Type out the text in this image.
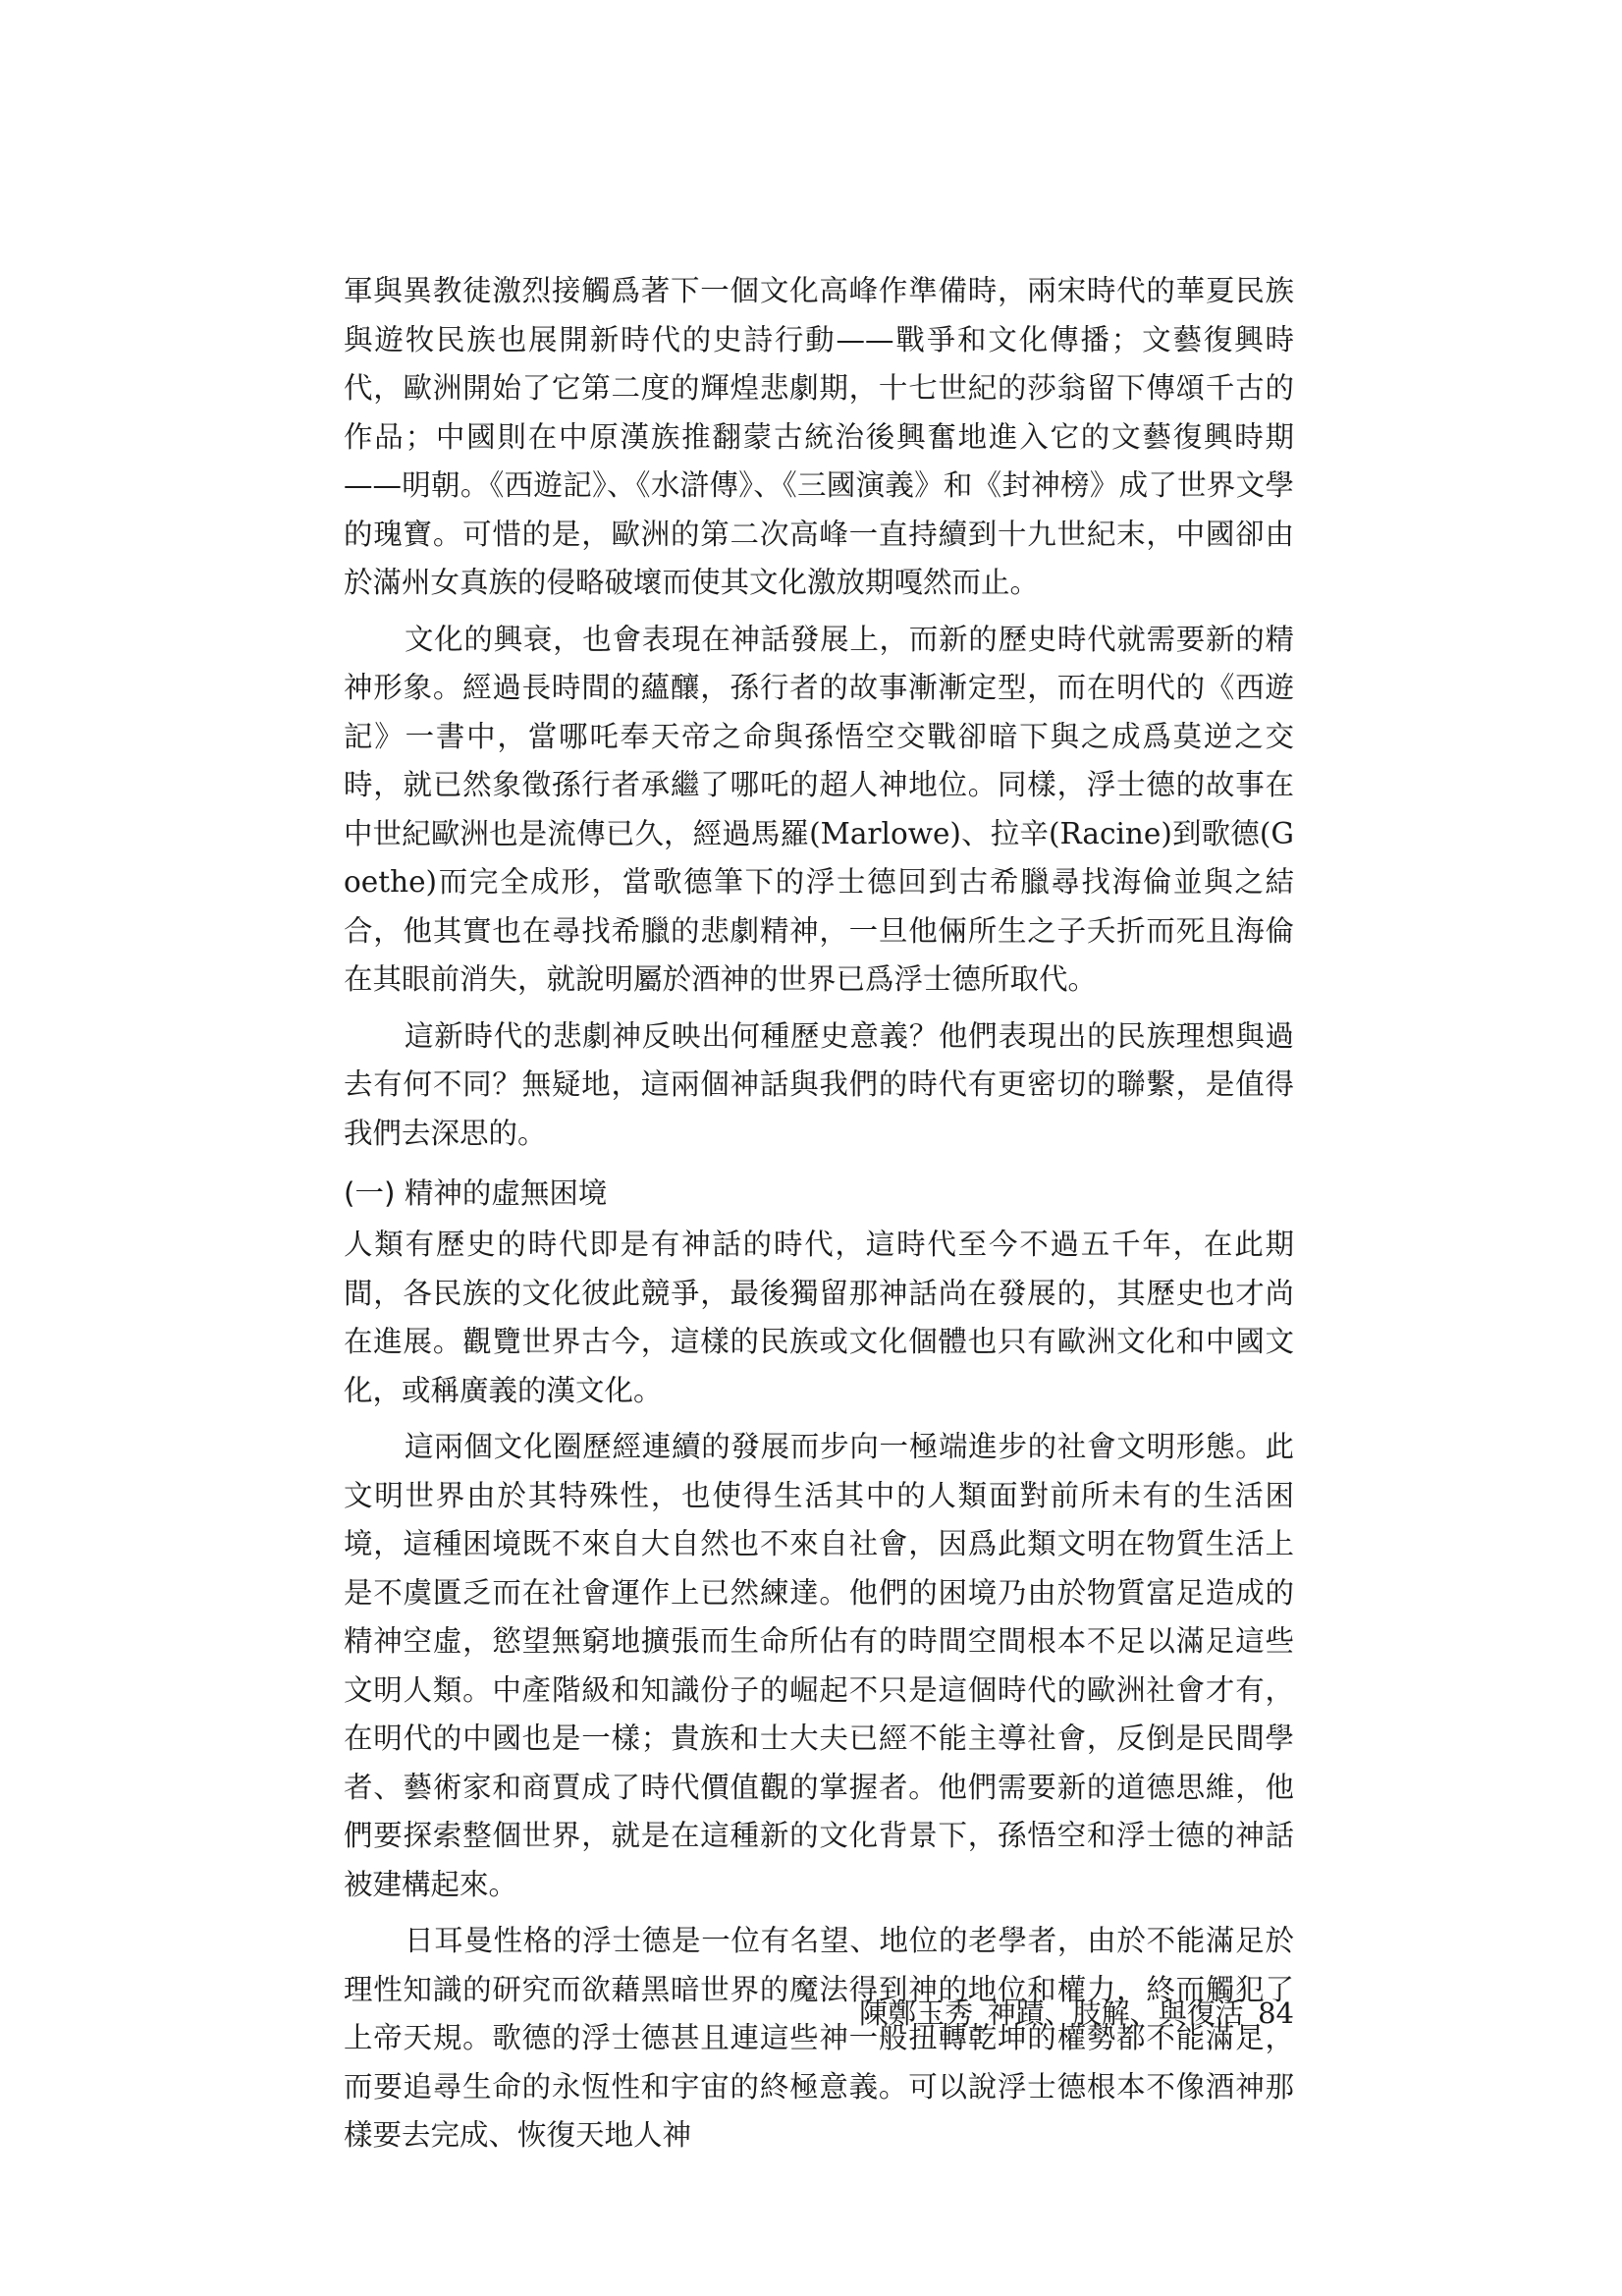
軍與異教徒激烈接觸爲著下一個文化高峰作準備時，兩宋時代的華夏民族與遊牧民族也展開新時代的史詩行動——戰爭和文化傳播；文藝復興時代，歐洲開始了它第二度的輝煌悲劇期，十七世紀的莎翁留下傳頌千古的作品；中國則在中原漢族推翻蒙古統治後興奮地進入它的文藝復興時期——明朝。《西遊記》、《水滸傳》、《三國演義》和《封神榜》成了世界文學的瑰寶。可惜的是，歐洲的第二次高峰一直持續到十九世紀末，中國卻由於滿州女真族的侵略破壞而使其文化激放期嘎然而止。

文化的興衰，也會表現在神話發展上，而新的歷史時代就需要新的精神形象。經過長時間的蘊釀，孫行者的故事漸漸定型，而在明代的《西遊記》一書中，當哪吒奉天帝之命與孫悟空交戰卻暗下與之成爲莫逆之交時，就已然象徵孫行者承繼了哪吒的超人神地位。同樣，浮士德的故事在中世紀歐洲也是流傳已久，經過馬羅(Marlowe)、拉辛(Racine)到歌德(Goethe)而完全成形，當歌德筆下的浮士德回到古希臘尋找海倫並與之結合，他其實也在尋找希臘的悲劇精神，一旦他倆所生之子夭折而死且海倫在其眼前消失，就說明屬於酒神的世界已爲浮士德所取代。

這新時代的悲劇神反映出何種歷史意義？他們表現出的民族理想與過去有何不同？無疑地，這兩個神話與我們的時代有更密切的聯繫，是值得我們去深思的。

(一) 精神的虛無困境

人類有歷史的時代即是有神話的時代，這時代至今不過五千年，在此期間，各民族的文化彼此競爭，最後獨留那神話尚在發展的，其歷史也才尚在進展。觀覽世界古今，這樣的民族或文化個體也只有歐洲文化和中國文化，或稱廣義的漢文化。

這兩個文化圈歷經連續的發展而步向一極端進步的社會文明形態。此文明世界由於其特殊性，也使得生活其中的人類面對前所未有的生活困境，這種困境既不來自大自然也不來自社會，因爲此類文明在物質生活上是不虞匱乏而在社會運作上已然練達。他們的困境乃由於物質富足造成的精神空虛，慾望無窮地擴張而生命所佔有的時間空間根本不足以滿足這些文明人類。中產階級和知識份子的崛起不只是這個時代的歐洲社會才有，在明代的中國也是一樣；貴族和士大夫已經不能主導社會，反倒是民間學者、藝術家和商賈成了時代價值觀的掌握者。他們需要新的道德思維，他們要探索整個世界，就是在這種新的文化背景下，孫悟空和浮士德的神話被建構起來。

日耳曼性格的浮士德是一位有名望、地位的老學者，由於不能滿足於理性知識的研究而欲藉黑暗世界的魔法得到神的地位和權力，終而觸犯了上帝天規。歌德的浮士德甚且連這些神一般扭轉乾坤的權勢都不能滿足，而要追尋生命的永恆性和宇宙的終極意義。可以說浮士德根本不像酒神那樣要去完成、恢復天地人神

陳鄭玉秀_神蹟、肢解、與復活_84
